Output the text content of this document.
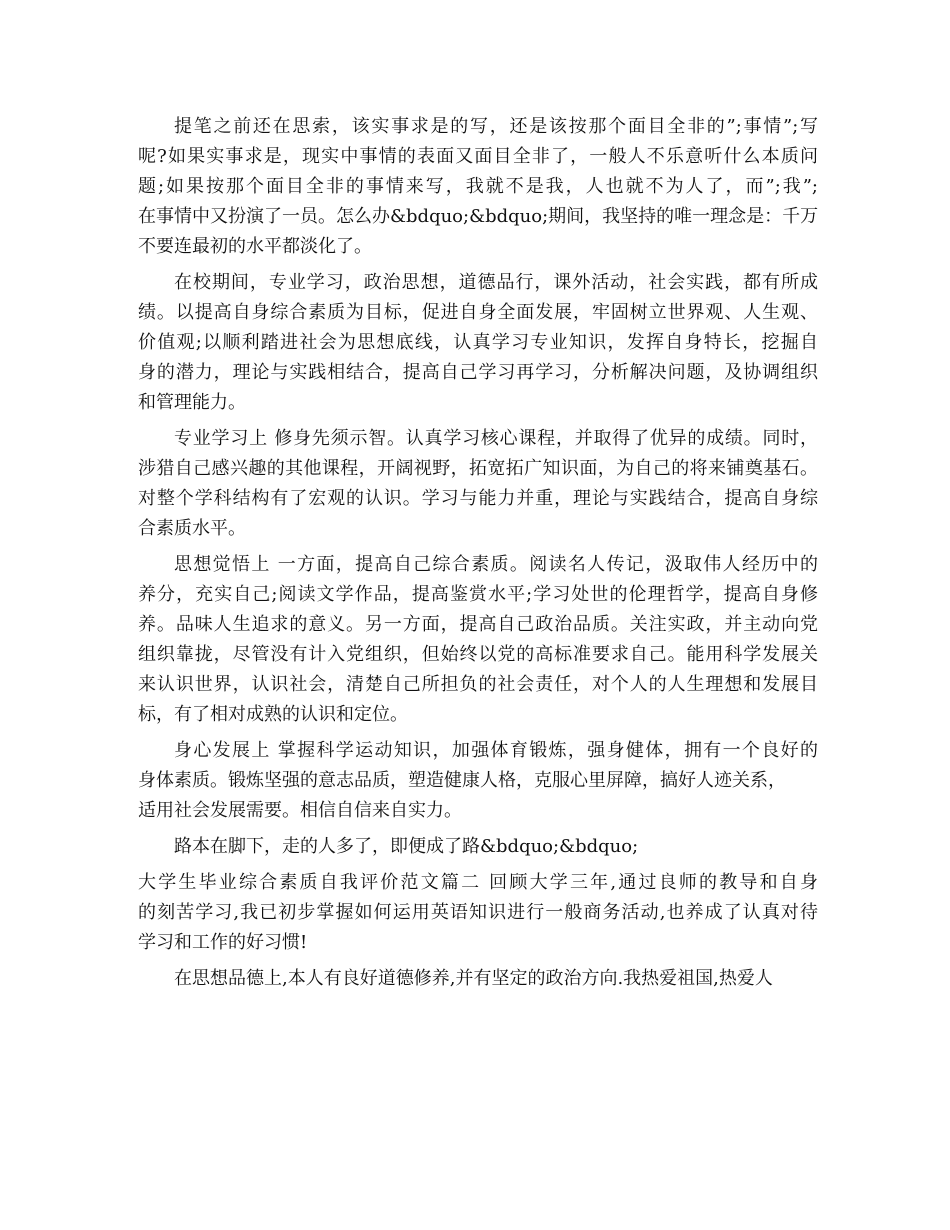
提笔之前还在思索，该实事求是的写，还是该按那个面目全非的”;事情”;写
呢?如果实事求是，现实中事情的表面又面目全非了，一般人不乐意听什么本质问
题;如果按那个面目全非的事情来写，我就不是我，人也就不为人了，而”;我”;
在事情中又扮演了一员。怎么办&bdquo;&bdquo;期间，我坚持的唯一理念是：千万
不要连最初的水平都淡化了。
在校期间，专业学习，政治思想，道德品行，课外活动，社会实践，都有所成
绩。以提高自身综合素质为目标，促进自身全面发展，牢固树立世界观、人生观、
价值观;以顺利踏进社会为思想底线，认真学习专业知识，发挥自身特长，挖掘自
身的潜力，理论与实践相结合，提高自己学习再学习，分析解决问题，及协调组织
和管理能力。
专业学习上 修身先须示智。认真学习核心课程，并取得了优异的成绩。同时，
涉猎自己感兴趣的其他课程，开阔视野，拓宽拓广知识面，为自己的将来铺奠基石。
对整个学科结构有了宏观的认识。学习与能力并重，理论与实践结合，提高自身综
合素质水平。
思想觉悟上 一方面，提高自己综合素质。阅读名人传记，汲取伟人经历中的
养分，充实自己;阅读文学作品，提高鉴赏水平;学习处世的伦理哲学，提高自身修
养。品味人生追求的意义。另一方面，提高自己政治品质。关注实政，并主动向党
组织靠拢，尽管没有计入党组织，但始终以党的高标准要求自己。能用科学发展关
来认识世界，认识社会，清楚自己所担负的社会责任，对个人的人生理想和发展目
标，有了相对成熟的认识和定位。
身心发展上 掌握科学运动知识，加强体育锻炼，强身健体，拥有一个良好的
身体素质。锻炼坚强的意志品质，塑造健康人格，克服心里屏障，搞好人迹关系，
适用社会发展需要。相信自信来自实力。
路本在脚下，走的人多了，即便成了路&bdquo;&bdquo;
大学生毕业综合素质自我评价范文篇二 回顾大学三年,通过良师的教导和自身
的刻苦学习,我已初步掌握如何运用英语知识进行一般商务活动,也养成了认真对待
学习和工作的好习惯!
在思想品德上,本人有良好道德修养,并有坚定的政治方向.我热爱祖国,热爱人
